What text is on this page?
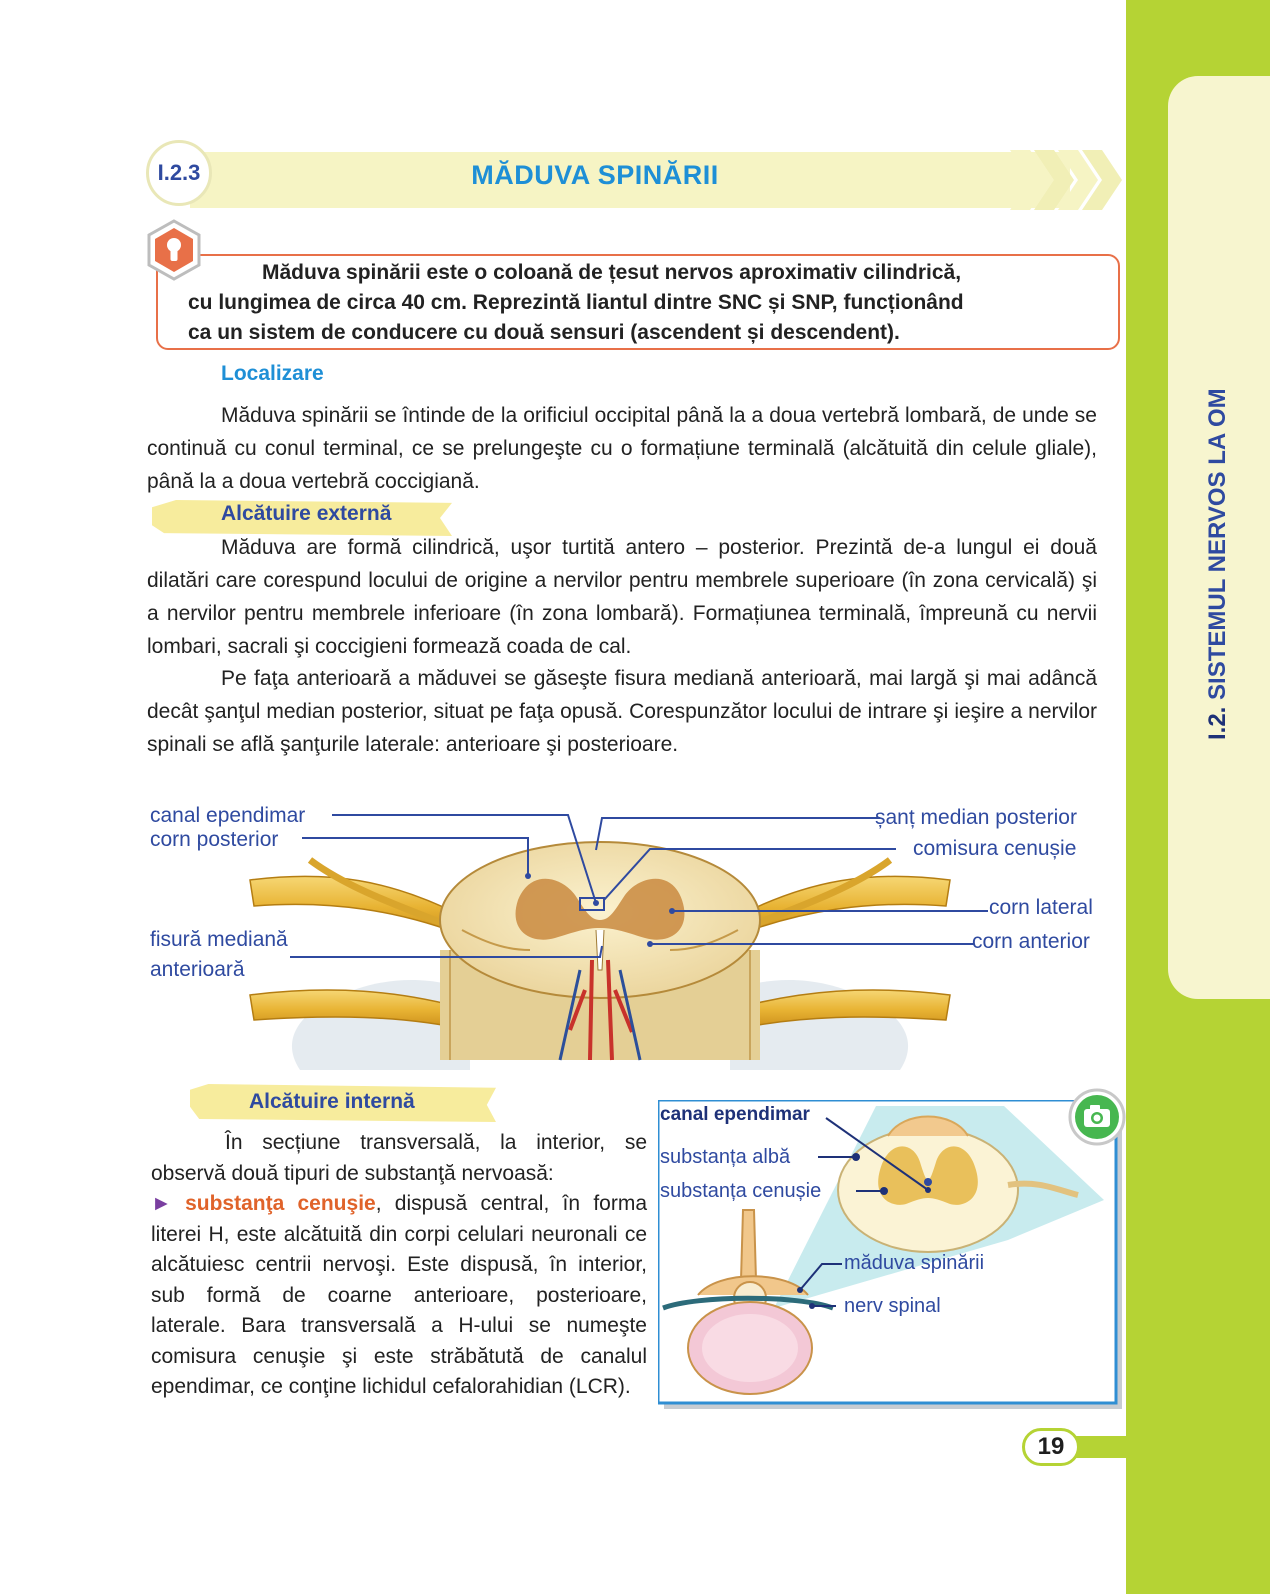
I.2. SISTEMUL NERVOS LA OM
I.2.3	MĂDUVA SPINĂRII
Măduva spinării este o coloană de țesut nervos aproximativ cilindrică,
cu lungimea de circa 40 cm. Reprezintă liantul dintre SNC și SNP, funcționând
ca un sistem de conducere cu două sensuri (ascendent și descendent).
Localizare
Măduva spinării se întinde de la orificiul occipital până la a doua vertebră lombară, de unde se continuă cu conul terminal, ce se prelungeşte cu o formațiune terminală (alcătuită din celule gliale), până la a doua vertebră coccigiană.
Alcătuire externă
Măduva are formă cilindrică, uşor turtită antero – posterior. Prezintă de-a lungul ei două dilatări care corespund locului de origine a nervilor pentru membrele superioare (în zona cervicală) şi a nervilor pentru membrele inferioare (în zona lombară). Formațiunea terminală, împreună cu nervii lombari, sacrali şi coccigieni formează coada de cal.
Pe faţa anterioară a măduvei se găseşte fisura mediană anterioară, mai largă şi mai adâncă decât şanţul median posterior, situat pe faţa opusă. Corespunzător locului de intrare şi ieşire a nervilor spinali se află şanţurile laterale: anterioare şi posterioare.
canal ependimar
corn posterior
fisură mediană
anterioară
șanț median posterior
comisura cenușie
corn lateral
corn anterior
Alcătuire internă
În secțiune transversală, la interior, se observă două tipuri de substanţă nervoasă:
► substanţa cenuşie, dispusă central, în forma literei H, este alcătuită din corpi celulari neuronali ce alcătuiesc centrii nervoşi. Este dispusă, în interior, sub formă de coarne anterioare, posterioare, laterale. Bara transversală a H-ului se numeşte comisura cenuşie şi este străbătută de canalul ependimar, ce conţine lichidul cefalorahidian (LCR).
canal ependimar
substanța albă
substanța cenușie
măduva spinării
nerv spinal
19
